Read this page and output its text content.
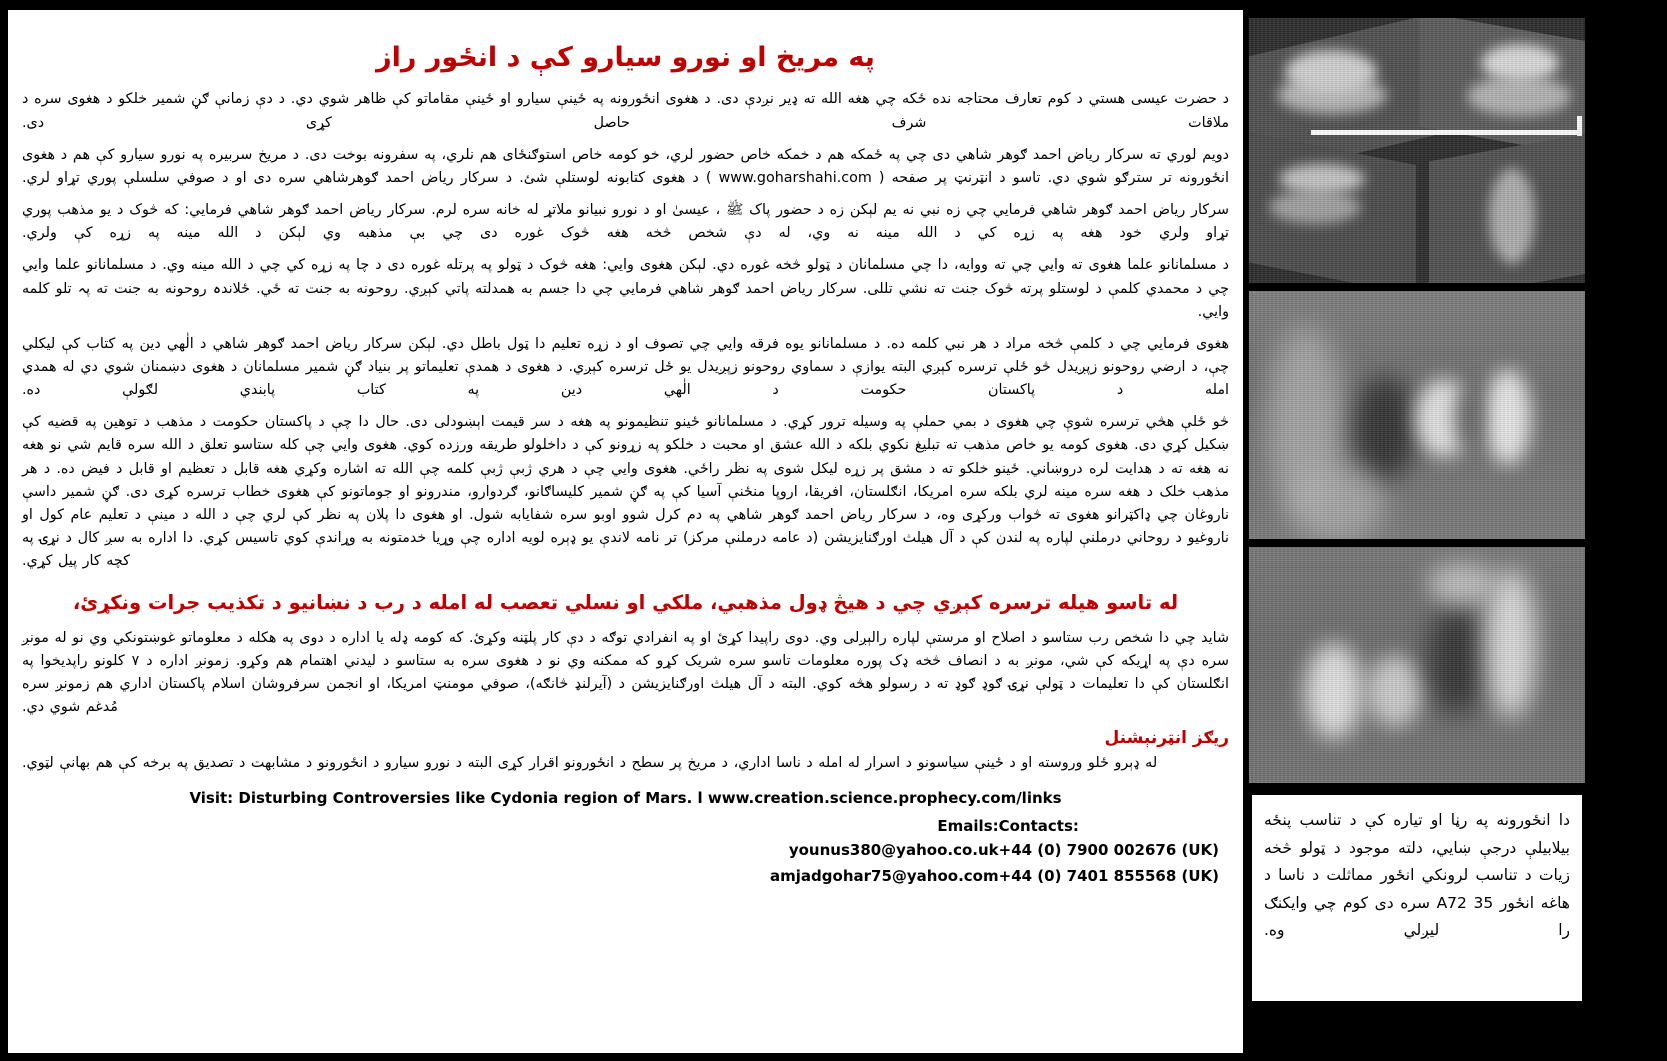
په مريخ او نورو سيارو کې د انځور راز

د حضرت عيسى هستي د کوم تعارف محتاجه نده ځکه چي هغه الله ته ډير نږدې دی. د هغوی انځورونه په ځينې سيارو او ځينې مقاماتو کې ظاهر شوي دي. د دې زمانې ګڼ شمير خلکو د هغوی سره د ملاقات شرف حاصل کړی دی.

دويم لوري ته سرکار رياض احمد ګوهر شاهي دی چي په ځمکه هم د خمکه خاص حضور لري، خو کومه خاص استوګنځای هم نلري، په سفرونه بوخت دی. د مريخ سربيره په نورو سيارو کې هم د هغوی انځورونه تر سترګو شوي دي. تاسو د انټرنټ پر صفحه ( www.goharshahi.com ) د هغوی کتابونه لوستلې شئ. د سرکار رياض احمد ګوهرشاهي سره دی او د صوفي سلسلې پوري تړاو لري.

سرکار رياض احمد ګوهر شاهي فرمايي چي زه نبي نه يم لېکن زه د حضور پاک ﷺ ، عيسىٰ او د نورو نبيانو ملاتړ له خانه سره لرم. سرکار رياض احمد ګوهر شاهي فرمايي: که څوک د يو مذهب پوري تړاو ولري خود هغه په زړه کي د الله مينه نه وي، له دې شخص څخه هغه څوک غوره دی چي بې مذهبه وي لېکن د الله مينه په زړه کې ولري.

د مسلمانانو علما هغوی ته وايي چي ته ووايه، دا چي مسلمانان د ټولو څخه غوره دي. لېکن هغوی وايي: هغه څوک د ټولو په پرتله غوره دی د چا په زړه کي چي د الله مينه وي. د مسلمانانو علما وايي چي د محمدي کلمې د لوستلو پرته څوک جنت ته نشي تللی. سرکار رياض احمد ګوهر شاهي فرمايي چي دا جسم به همدلته پاتي کېږي. روحونه به جنت ته ځي. ځلاندہ روحونه به جنت ته پہ تلو کلمه وايي.

هغوی فرمايي چي د کلمې څخه مراد د هر نبي کلمه ده. د مسلمانانو يوه فرقه وايي چي تصوف او د زړه تعليم دا ټول باطل دي. لېکن سرکار رياض احمد ګوهر شاهي د الٰهي دين په کتاب کې ليکلي چې، د ارضي روحونو زپږيدل څو ځلې ترسره کېږي البته يوازې د سماوي روحونو زپږيدل يو ځل ترسره کېږي. د هغوی د همدې تعليماتو پر بنياد ګڼ شمير مسلمانان د هغوی دښمنان شوي دي له همدي امله د پاکستان حکومت د الٰهي دين په کتاب پابندي لګولې ده.

څو ځلې هڅي ترسره شوې چي هغوی د بمي حملې په وسيله ترور کړي. د مسلمانانو ځينو تنظيمونو په هغه د سر قيمت اېښودلی دی. حال دا چې د پاکستان حکومت د مذهب د توهين په قضيه کې ښکيل کړي دی. هغوی کومه يو خاص مذهب ته تبليغ نکوي بلکه د الله عشق او محبت د خلکو په زړونو کې د داخلولو طريقه ورزده کوي. هغوی وايي چې کله ستاسو تعلق د الله سره قايم شي نو هغه نه هغه ته د هدايت لره دروښاني. ځينو خلکو ته د مشق پر زړه ليکل شوی په نظر راځي. هغوی وايي چې د هري ژبې ژبې کلمه چې الله ته اشاره وکړي هغه قابل د تعظيم او قابل د فيض ده. د هر مذهب خلک د هغه سره مينه لري بلکه سره امريکا، انګلستان، افريقا، اروپا منځنې آسيا کې په ګڼ شمير کليساګانو، ګردوارو، مندرونو او جوماتونو کې هغوی خطاب ترسره کړی دی. ګڼ شمير داسې ناروغان چي ډاکټرانو هغوی ته څواب ورکړی وه، د سرکار رياض احمد ګوهر شاهي په دم کرل شوو اوبو سره شفايابه شول. او هغوی دا پلان په نظر کې لري چې د الله د مينې د تعليم عام کول او ناروغيو د روحاني درملنې لپاره په لندن کې د آل هيلث اورګنايزيشن (د عامه درملنې مرکز) تر نامه لاندې يو ډېره لويه اداره چې وړيا خدمتونه به وړاندې کوي تاسيس کړي. دا اداره به سږ کال د نړۍ په کچه کار پيل کړي.

له تاسو هيله ترسره کېږي چي د هيڅ ډول مذهبي، ملکي او نسلي تعصب له امله د رب د نښانيو د تکذيب جرات ونکړئ،

شايد چي دا شخص رب ستاسو د اصلاح او مرستې لپاره رالېږلی وي. دوی راپيدا کړئ او په انفرادي توګه د دې کار پلټنه وکړئ. که کومه ډله يا اداره د دوی په هکله د معلوماتو غوښتونکي وي نو له مونږ سره دې په اړيکه کې شي، مونږ به د انصاف څخه ډک پوره معلومات تاسو سره شريک کړو که ممکنه وي نو د هغوی سره به ستاسو د ليدني اهتمام هم وکړو. زمونږ اداره د ۷ کلونو راپديخوا په انګلستان کې دا تعليمات د ټولې نړۍ ګوډ ګوډ ته د رسولو هڅه کوي. البته د آل هيلث اورګنايزيشن د (آيرلنډ څانګه)، صوفي مومنټ امريکا، او انجمن سرفروشان اسلام پاکستان اداري هم زمونږ سره مُدغم شوي دي.

ريګز انټرنېشنل

له ډېرو ځلو وروسته او د ځينې سياسونو د اسرار له امله د ناسا اداري، د مريخ پر سطح د انځورونو اقرار کړی البته د نورو سيارو د انځورونو د مشابهت د تصديق په برخه کې هم بهانې لټوي.

Visit: Disturbing Controversies like Cydonia region of Mars. l www.creation.science.prophecy.com/links
Emails:	Contacts:
younus380@yahoo.co.uk	+44 (0) 7900 002676 (UK)
amjadgohar75@yahoo.com	+44 (0) 7401 855568 (UK)

دا انځورونه په رڼا او تياره کې د تناسب پنځه بيلابيلې درجې ښايي، دلته موجود د ټولو څخه زيات د تناسب لرونکي انځور مماثلت د ناسا د هاغه انځور 35 A72 سره دی کوم چي وايکنګ را ليږلي وه.
